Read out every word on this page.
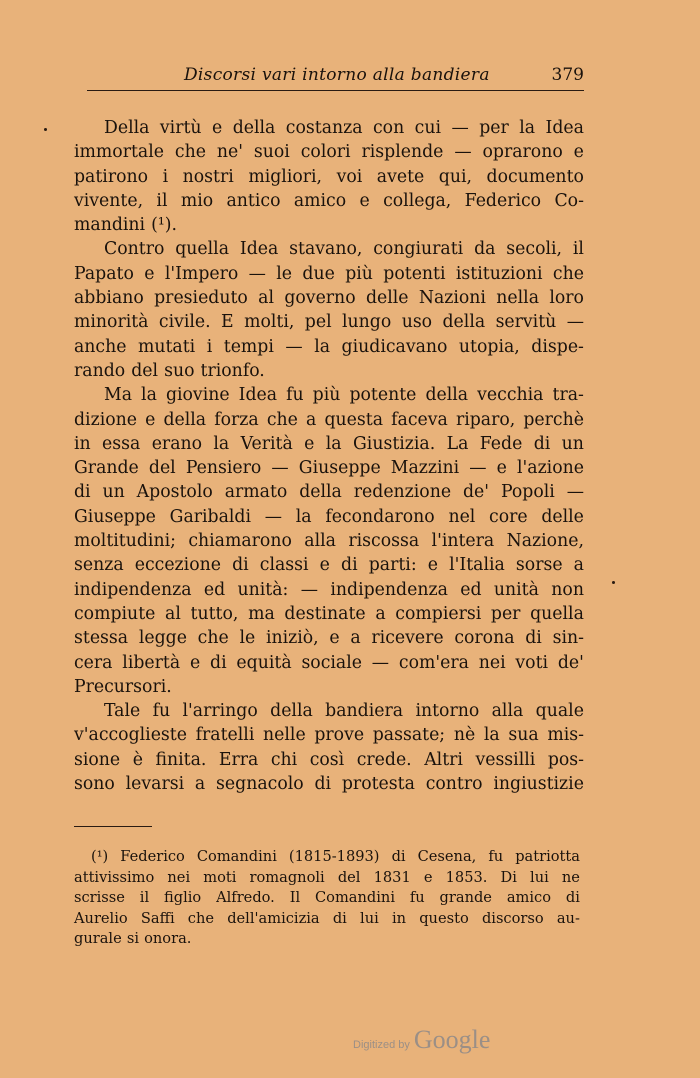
Discorsi vari intorno alla bandiera	379
Della virtù e della costanza con cui — per la Idea
immortale che ne' suoi colori risplende — oprarono e
patirono i nostri migliori, voi avete qui, documento
vivente, il mio antico amico e collega, Federico Co-
mandini (¹).
Contro quella Idea stavano, congiurati da secoli, il
Papato e l'Impero — le due più potenti istituzioni che
abbiano presieduto al governo delle Nazioni nella loro
minorità civile. E molti, pel lungo uso della servitù —
anche mutati i tempi — la giudicavano utopia, dispe-
rando del suo trionfo.
Ma la giovine Idea fu più potente della vecchia tra-
dizione e della forza che a questa faceva riparo, perchè
in essa erano la Verità e la Giustizia. La Fede di un
Grande del Pensiero — Giuseppe Mazzini — e l'azione
di un Apostolo armato della redenzione de' Popoli —
Giuseppe Garibaldi — la fecondarono nel core delle
moltitudini; chiamarono alla riscossa l'intera Nazione,
senza eccezione di classi e di parti: e l'Italia sorse a
indipendenza ed unità: — indipendenza ed unità non
compiute al tutto, ma destinate a compiersi per quella
stessa legge che le iniziò, e a ricevere corona di sin-
cera libertà e di equità sociale — com'era nei voti de'
Precursori.
Tale fu l'arringo della bandiera intorno alla quale
v'accoglieste fratelli nelle prove passate; nè la sua mis-
sione è finita. Erra chi così crede. Altri vessilli pos-
sono levarsi a segnacolo di protesta contro ingiustizie
(¹) Federico Comandini (1815-1893) di Cesena, fu patriotta
attivissimo nei moti romagnoli del 1831 e 1853. Di lui ne
scrisse il figlio Alfredo. Il Comandini fu grande amico di
Aurelio Saffi che dell'amicizia di lui in questo discorso au-
gurale si onora.
Digitized by Google
